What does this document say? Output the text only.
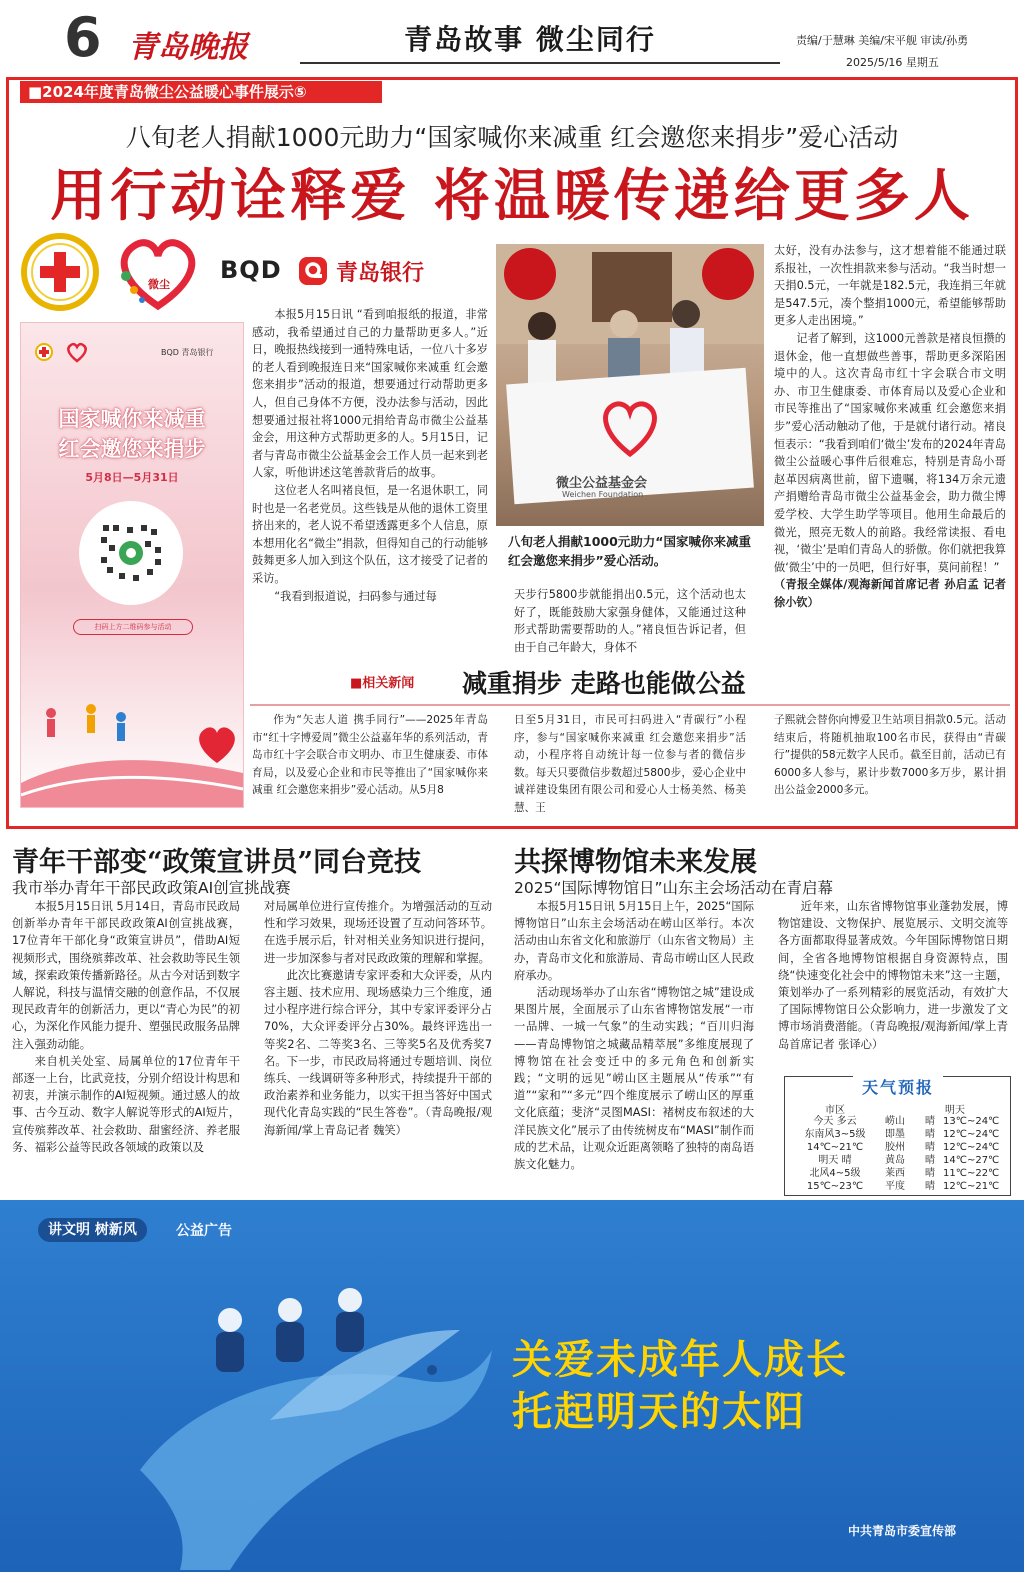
6 青岛晚报	青岛故事 微尘同行	责编/于慧琳 美编/宋平舰 审读/孙勇
2025/5/16 星期五
■2024年度青岛微尘公益暖心事件展示⑤
八旬老人捐献1000元助力“国家喊你来减重 红会邀您来捐步”爱心活动
用行动诠释爱 将温暖传递给更多人
微尘
BQD 青岛银行
BQD 青岛银行
国家喊你来减重
红会邀您来捐步
5月8日—5月31日
扫码上方二维码参与活动

本报5月15日讯 “看到咱报纸的报道，非常感动，我希望通过自己的力量帮助更多人。”近日，晚报热线接到一通特殊电话，一位八十多岁的老人看到晚报连日来“国家喊你来减重 红会邀您来捐步”活动的报道，想要通过行动帮助更多人，但自己身体不方便，没办法参与活动，因此想要通过报社将1000元捐给青岛市微尘公益基金会，用这种方式帮助更多的人。5月15日，记者与青岛市微尘公益基金会工作人员一起来到老人家，听他讲述这笔善款背后的故事。

这位老人名叫褚良恒，是一名退休职工，同时也是一名老党员。这些钱是从他的退休工资里挤出来的，老人说不希望透露更多个人信息，原本想用化名“微尘”捐款，但得知自己的行动能够鼓舞更多人加入到这个队伍，这才接受了记者的采访。

“我看到报道说，扫码参与通过每

微尘公益基金会
Weichen Foundation
八旬老人捐献1000元助力“国家喊你来减重 红会邀您来捐步”爱心活动。

天步行5800步就能捐出0.5元，这个活动也太好了，既能鼓励大家强身健体，又能通过这种形式帮助需要帮助的人。”褚良恒告诉记者，但由于自己年龄大，身体不

太好，没有办法参与，这才想着能不能通过联系报社，一次性捐款来参与活动。“我当时想一天捐0.5元，一年就是182.5元，我连捐三年就是547.5元，凑个整捐1000元，希望能够帮助更多人走出困境。”

记者了解到，这1000元善款是褚良恒攒的退休金，他一直想做些善事，帮助更多深陷困境中的人。这次青岛市红十字会联合市文明办、市卫生健康委、市体育局以及爱心企业和市民等推出了“国家喊你来减重 红会邀您来捐步”爱心活动触动了他，于是就付诸行动。褚良恒表示：“我看到咱们‘微尘’发布的2024年青岛微尘公益暖心事件后很难忘，特别是青岛小哥赵革因病离世前，留下遗嘱，将134万余元遗产捐赠给青岛市微尘公益基金会，助力微尘博爱学校、大学生助学等项目。他用生命最后的微光，照亮无数人的前路。我经常读报、看电视，‘微尘’是咱们青岛人的骄傲。你们就把我算做‘微尘’中的一员吧，但行好事，莫问前程！”

（青报全媒体/观海新闻首席记者 孙启孟 记者 徐小钦）

■相关新闻 减重捐步 走路也能做公益

作为“矢志人道 携手同行”——2025年青岛市“红十字博爱周”微尘公益嘉年华的系列活动，青岛市红十字会联合市文明办、市卫生健康委、市体育局，以及爱心企业和市民等推出了“国家喊你来减重 红会邀您来捐步”爱心活动。从5月8

日至5月31日，市民可扫码进入“青碳行”小程序，参与“国家喊你来减重 红会邀您来捐步”活动，小程序将自动统计每一位参与者的微信步数。每天只要微信步数超过5800步，爱心企业中诚祥建设集团有限公司和爱心人士杨美然、杨美慧、王

子熙就会替你向博爱卫生站项目捐款0.5元。活动结束后，将随机抽取100名市民，获得由“青碳行”提供的58元数字人民币。截至目前，活动已有6000多人参与，累计步数7000多万步，累计捐出公益金2000多元。

青年干部变“政策宣讲员”同台竞技
我市举办青年干部民政政策AI创宣挑战赛

本报5月15日讯 5月14日，青岛市民政局创新举办青年干部民政政策AI创宣挑战赛，17位青年干部化身“政策宣讲员”，借助AI短视频形式，围绕殡葬改革、社会救助等民生领域，探索政策传播新路径。从古今对话到数字人解说，科技与温情交融的创意作品，不仅展现民政青年的创新活力，更以“青心为民”的初心，为深化作风能力提升、塑强民政服务品牌注入强劲动能。

来自机关处室、局属单位的17位青年干部逐一上台，比武竞技，分别介绍设计构思和初衷，并演示制作的AI短视频。通过感人的故事、古今互动、数字人解说等形式的AI短片，宣传殡葬改革、社会救助、甜蜜经济、养老服务、福彩公益等民政各领域的政策以及

对局属单位进行宣传推介。为增强活动的互动性和学习效果，现场还设置了互动问答环节。在选手展示后，针对相关业务知识进行提问，进一步加深参与者对民政政策的理解和掌握。

此次比赛邀请专家评委和大众评委，从内容主题、技术应用、现场感染力三个维度，通过小程序进行综合评分，其中专家评委评分占70%，大众评委评分占30%。最终评选出一等奖2名、二等奖3名、三等奖5名及优秀奖7名。下一步，市民政局将通过专题培训、岗位练兵、一线调研等多种形式，持续提升干部的政治素养和业务能力，以实干担当答好中国式现代化青岛实践的“民生答卷”。（青岛晚报/观海新闻/掌上青岛记者 魏笑）

共探博物馆未来发展
2025“国际博物馆日”山东主会场活动在青启幕

本报5月15日讯 5月15日上午，2025“国际博物馆日”山东主会场活动在崂山区举行。本次活动由山东省文化和旅游厅（山东省文物局）主办，青岛市文化和旅游局、青岛市崂山区人民政府承办。

活动现场举办了山东省“博物馆之城”建设成果图片展，全面展示了山东省博物馆发展“一市一品牌、一城一气象”的生动实践；“百川归海——青岛博物馆之城藏品精萃展”多维度展现了博物馆在社会变迁中的多元角色和创新实践；“文明的远见”崂山区主题展从“传承”“有道”“家和”“多元”四个维度展示了崂山区的厚重文化底蕴；斐济“灵图MASI：褚树皮布叙述的大洋民族文化”展示了由传统树皮布“MASI”制作而成的艺术品，让观众近距离领略了独特的南岛语族文化魅力。

近年来，山东省博物馆事业蓬勃发展，博物馆建设、文物保护、展览展示、文明交流等各方面都取得显著成效。今年国际博物馆日期间，全省各地博物馆根据自身资源特点，围绕“快速变化社会中的博物馆未来”这一主题，策划举办了一系列精彩的展览活动，有效扩大了国际博物馆日公众影响力，进一步激发了文博市场消费潜能。（青岛晚报/观海新闻/掌上青岛首席记者 张译心）

天气预报
市区	明天
今天 多云
东南风3~5级
14℃~21℃
明天 晴
北风4~5级
15℃~23℃
崂山 晴 13℃~24℃
即墨 晴 12℃~24℃
胶州 晴 12℃~24℃
黄岛 晴 14℃~27℃
莱西 晴 11℃~22℃
平度 晴 12℃~21℃
讲文明 树新风	公益广告
关爱未成年人成长
托起明天的太阳
中共青岛市委宣传部
